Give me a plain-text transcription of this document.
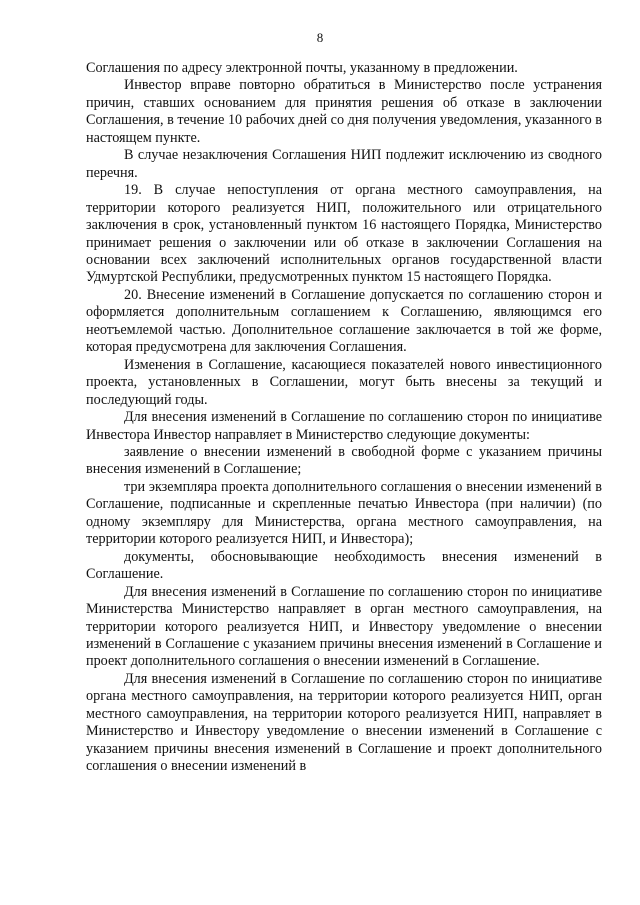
8

Соглашения по адресу электронной почты, указанному в предложении.

Инвестор вправе повторно обратиться в Министерство после устранения причин, ставших основанием для принятия решения об отказе в заключении Соглашения, в течение 10 рабочих дней со дня получения уведомления, указанного в настоящем пункте.

В случае незаключения Соглашения НИП подлежит исключению из сводного перечня.

19. В случае непоступления от органа местного самоуправления, на территории которого реализуется НИП, положительного или отрицательного заключения в срок, установленный пунктом 16 настоящего Порядка, Министерство принимает решения о заключении или об отказе в заключении Соглашения на основании всех заключений исполнительных органов государственной власти Удмуртской Республики, предусмотренных пунктом 15 настоящего Порядка.

20. Внесение изменений в Соглашение допускается по соглашению сторон и оформляется дополнительным соглашением к Соглашению, являющимся его неотъемлемой частью. Дополнительное соглашение заключается в той же форме, которая предусмотрена для заключения Соглашения.

Изменения в Соглашение, касающиеся показателей нового инвестиционного проекта, установленных в Соглашении, могут быть внесены за текущий и последующий годы.

Для внесения изменений в Соглашение по соглашению сторон по инициативе Инвестора Инвестор направляет в Министерство следующие документы:

заявление о внесении изменений в свободной форме с указанием причины внесения изменений в Соглашение;

три экземпляра проекта дополнительного соглашения о внесении изменений в Соглашение, подписанные и скрепленные печатью Инвестора (при наличии) (по одному экземпляру для Министерства, органа местного самоуправления, на территории которого реализуется НИП, и Инвестора);

документы, обосновывающие необходимость внесения изменений в Соглашение.

Для внесения изменений в Соглашение по соглашению сторон по инициативе Министерства Министерство направляет в орган местного самоуправления, на территории которого реализуется НИП, и Инвестору уведомление о внесении изменений в Соглашение с указанием причины внесения изменений в Соглашение и проект дополнительного соглашения о внесении изменений в Соглашение.

Для внесения изменений в Соглашение по соглашению сторон по инициативе органа местного самоуправления, на территории которого реализуется НИП, орган местного самоуправления, на территории которого реализуется НИП, направляет в Министерство и Инвестору уведомление о внесении изменений в Соглашение с указанием причины внесения изменений в Соглашение и проект дополнительного соглашения о внесении изменений в
